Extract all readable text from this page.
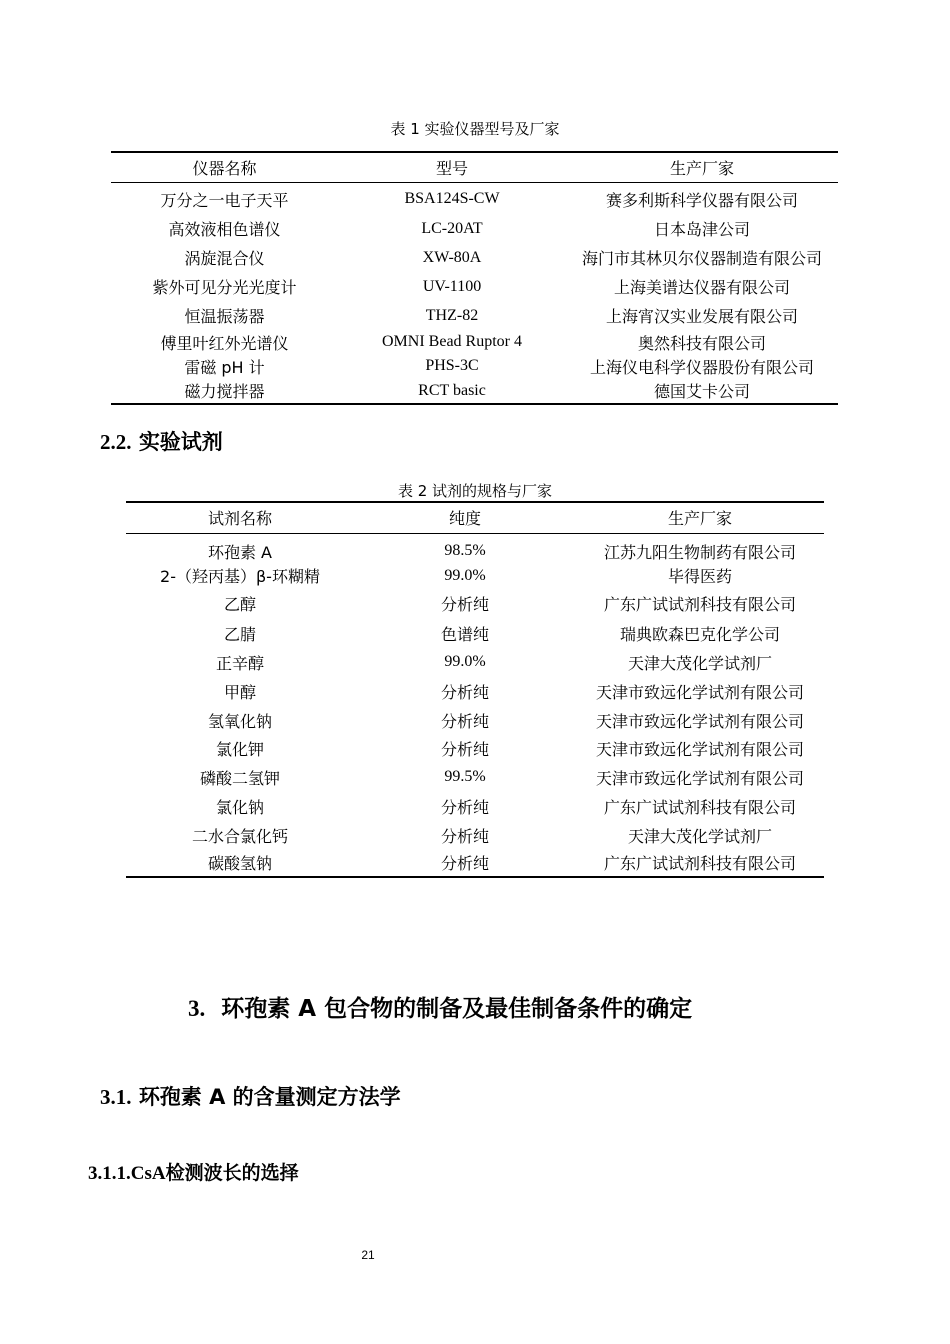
表 1 实验仪器型号及厂家
仪器名称	型号	生产厂家
万分之一电子天平	BSA124S-CW	赛多利斯科学仪器有限公司
高效液相色谱仪	LC-20AT	日本岛津公司
涡旋混合仪	XW-80A	海门市其林贝尔仪器制造有限公司
紫外可见分光光度计	UV-1100	上海美谱达仪器有限公司
恒温振荡器	THZ-82	上海宵汉实业发展有限公司
傅里叶红外光谱仪	OMNI Bead Ruptor 4	奥然科技有限公司
雷磁 pH 计	PHS-3C	上海仪电科学仪器股份有限公司
磁力搅拌器	RCT basic	德国艾卡公司
2.2. 实验试剂
表 2 试剂的规格与厂家
试剂名称	纯度	生产厂家
环孢素 A	98.5%	江苏九阳生物制药有限公司
2-（羟丙基）β-环糊精	99.0%	毕得医药
乙醇	分析纯	广东广试试剂科技有限公司
乙腈	色谱纯	瑞典欧森巴克化学公司
正辛醇	99.0%	天津大茂化学试剂厂
甲醇	分析纯	天津市致远化学试剂有限公司
氢氧化钠	分析纯	天津市致远化学试剂有限公司
氯化钾	分析纯	天津市致远化学试剂有限公司
磷酸二氢钾	99.5%	天津市致远化学试剂有限公司
氯化钠	分析纯	广东广试试剂科技有限公司
二水合氯化钙	分析纯	天津大茂化学试剂厂
碳酸氢钠	分析纯	广东广试试剂科技有限公司
3. 环孢素 A 包合物的制备及最佳制备条件的确定
3.1. 环孢素 A 的含量测定方法学
3.1.1.CsA检测波长的选择
21
